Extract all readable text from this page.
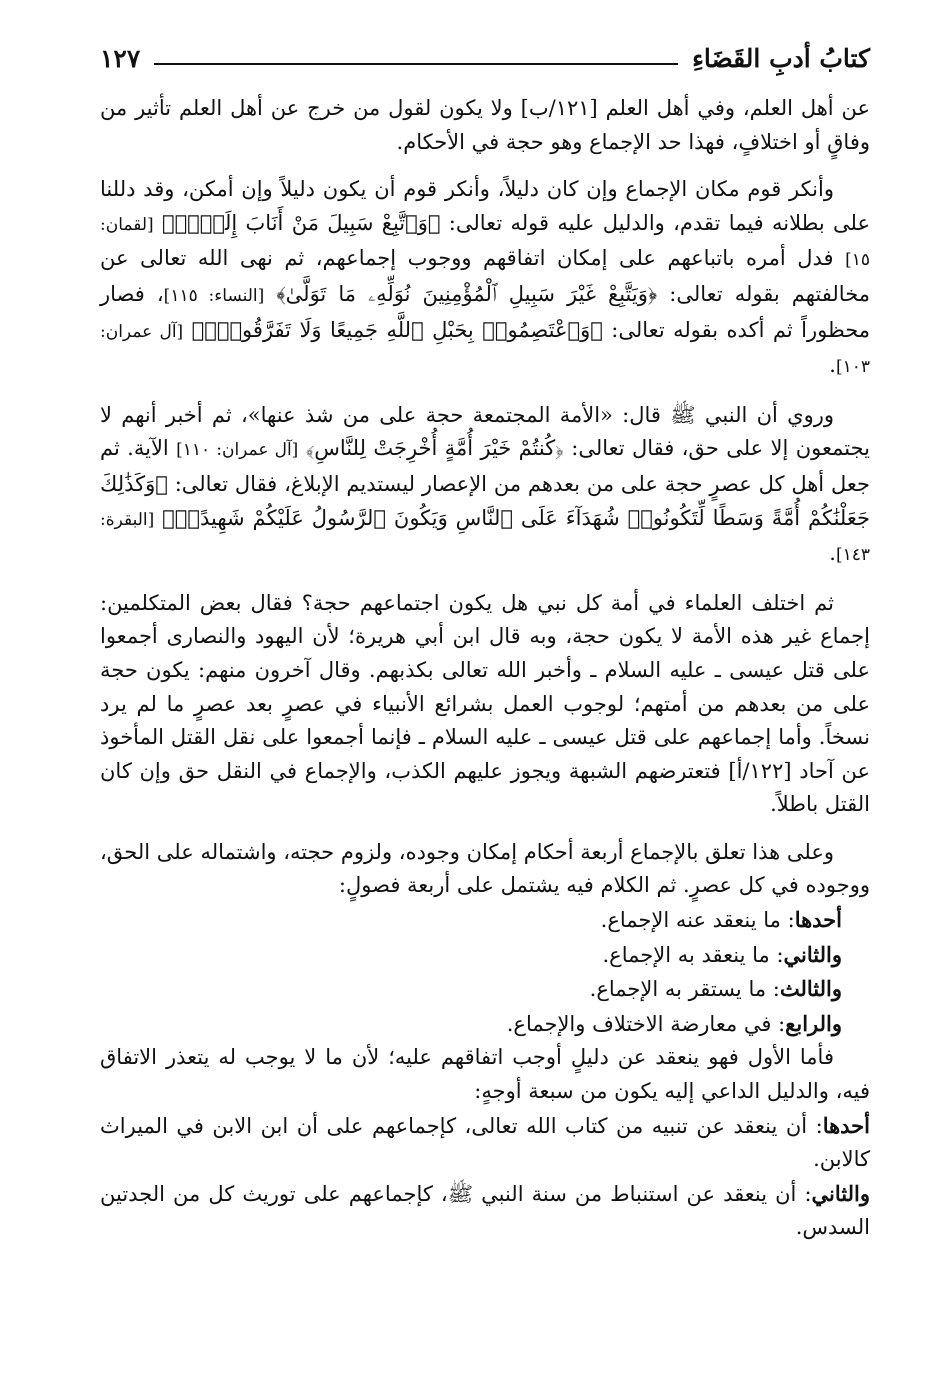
كتابُ أدبِ القَضَاءِ
١٢٧

عن أهل العلم، وفي أهل العلم [١٢١/ب] ولا يكون لقول من خرج عن أهل العلم تأثير من وفاقٍ أو اختلافٍ، فهذا حد الإجماع وهو حجة في الأحكام.

وأنكر قوم مكان الإجماع وإن كان دليلاً، وأنكر قوم أن يكون دليلاً وإن أمكن، وقد دللنا على بطلانه فيما تقدم، والدليل عليه قوله تعالى: ﴿وَٱتَّبِعْ سَبِيلَ مَنْ أَنَابَ إِلَىَّۚ﴾ [لقمان: ١٥] فدل أمره باتباعهم على إمكان اتفاقهم ووجوب إجماعهم، ثم نهى الله تعالى عن مخالفتهم بقوله تعالى: ﴿وَيَتَّبِعْ غَيْرَ سَبِيلِ ٱلْمُؤْمِنِينَ نُوَلِّهِۦ مَا تَوَلَّىٰ﴾ [النساء: ١١٥]، فصار محظوراً ثم أكده بقوله تعالى: ﴿وَٱعْتَصِمُوا۟ بِحَبْلِ ٱللَّهِ جَمِيعًا وَلَا تَفَرَّقُوا۟ۚ﴾ [آل عمران: ١٠٣].

وروي أن النبي ﷺ قال: «الأمة المجتمعة حجة على من شذ عنها»، ثم أخبر أنهم لا يجتمعون إلا على حق، فقال تعالى: ﴿كُنتُمْ خَيْرَ أُمَّةٍ أُخْرِجَتْ لِلنَّاسِ﴾ [آل عمران: ١١٠] الآية. ثم جعل أهل كل عصرٍ حجة على من بعدهم من الإعصار ليستديم الإبلاغ، فقال تعالى: ﴿وَكَذَٰلِكَ جَعَلْنَٰكُمْ أُمَّةً وَسَطًا لِّتَكُونُوا۟ شُهَدَآءَ عَلَى ٱلنَّاسِ وَيَكُونَ ٱلرَّسُولُ عَلَيْكُمْ شَهِيدًاۗ﴾ [البقرة: ١٤٣].

ثم اختلف العلماء في أمة كل نبي هل يكون اجتماعهم حجة؟ فقال بعض المتكلمين: إجماع غير هذه الأمة لا يكون حجة، وبه قال ابن أبي هريرة؛ لأن اليهود والنصارى أجمعوا على قتل عيسى ـ عليه السلام ـ وأخبر الله تعالى بكذبهم. وقال آخرون منهم: يكون حجة على من بعدهم من أمتهم؛ لوجوب العمل بشرائع الأنبياء في عصرٍ بعد عصرٍ ما لم يرد نسخاً. وأما إجماعهم على قتل عيسى ـ عليه السلام ـ فإنما أجمعوا على نقل القتل المأخوذ عن آحاد [١٢٢/أ] فتعترضهم الشبهة ويجوز عليهم الكذب، والإجماع في النقل حق وإن كان القتل باطلاً.

وعلى هذا تعلق بالإجماع أربعة أحكام إمكان وجوده، ولزوم حجته، واشتماله على الحق، ووجوده في كل عصرٍ. ثم الكلام فيه يشتمل على أربعة فصولٍ:

أحدها: ما ينعقد عنه الإجماع.

والثاني: ما ينعقد به الإجماع.

والثالث: ما يستقر به الإجماع.

والرابع: في معارضة الاختلاف والإجماع.

فأما الأول فهو ينعقد عن دليلٍ أوجب اتفاقهم عليه؛ لأن ما لا يوجب له يتعذر الاتفاق فيه، والدليل الداعي إليه يكون من سبعة أوجهٍ:

أحدها: أن ينعقد عن تنبيه من كتاب الله تعالى، كإجماعهم على أن ابن الابن في الميراث كالابن.

والثاني: أن ينعقد عن استنباط من سنة النبي ﷺ، كإجماعهم على توريث كل من الجدتين السدس.
